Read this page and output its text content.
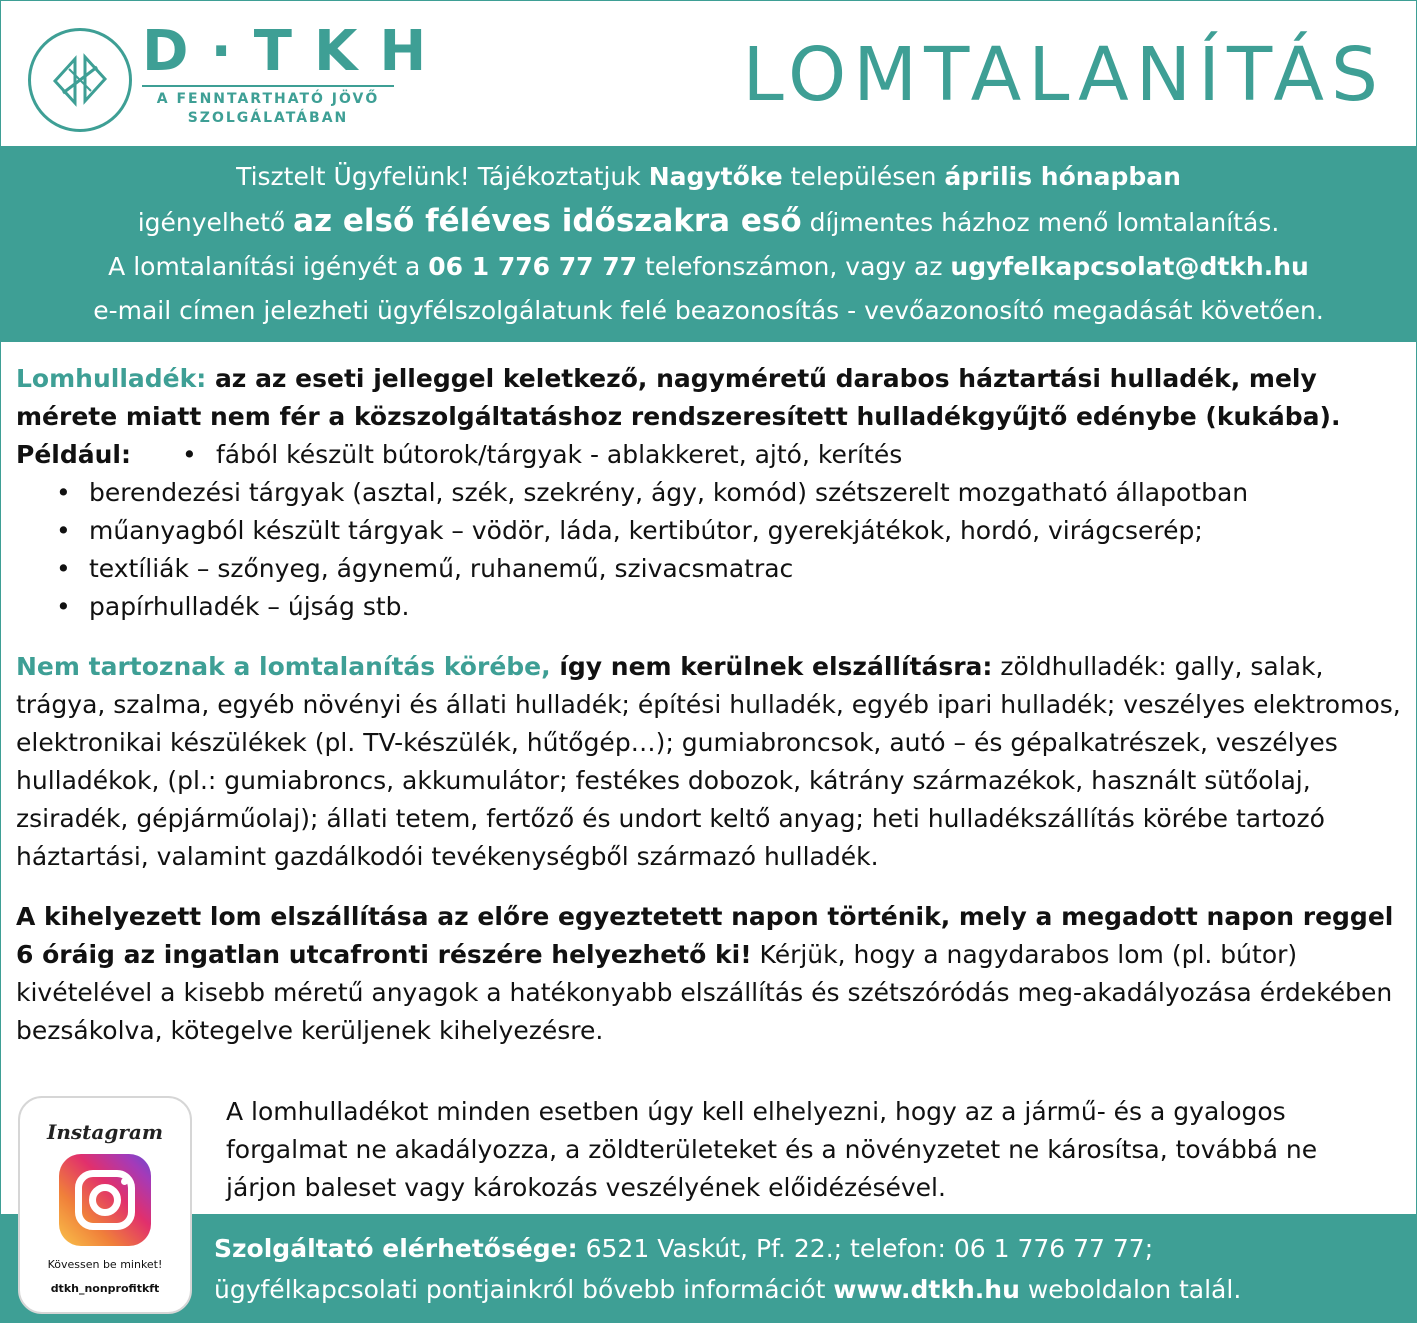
D·TKH
A FENNTARTHATÓ JÖVŐ
SZOLGÁLATÁBAN	LOMTALANÍTÁS
Tisztelt Ügyfelünk! Tájékoztatjuk Nagytőke településen április hónapban
igényelhető az első féléves időszakra eső díjmentes házhoz menő lomtalanítás.
A lomtalanítási igényét a 06 1 776 77 77 telefonszámon, vagy az ugyfelkapcsolat@dtkh.hu
e-mail címen jelezheti ügyfélszolgálatunk felé beazonosítás - vevőazonosító megadását követően.
Lomhulladék: az az eseti jelleggel keletkező, nagyméretű darabos háztartási hulladék, mely mérete miatt nem fér a közszolgáltatáshoz rendszeresített hulladékgyűjtő edénybe (kukába).
Például:
•	fából készült bútorok/tárgyak - ablakkeret, ajtó, kerítés
• berendezési tárgyak (asztal, szék, szekrény, ágy, komód) szétszerelt mozgatható állapotban
• műanyagból készült tárgyak – vödör, láda, kertibútor, gyerekjátékok, hordó, virágcserép;
• textíliák – szőnyeg, ágynemű, ruhanemű, szivacsmatrac
• papírhulladék – újság stb.
Nem tartoznak a lomtalanítás körébe, így nem kerülnek elszállításra: zöldhulladék: gally, salak, trágya, szalma, egyéb növényi és állati hulladék; építési hulladék, egyéb ipari hulladék; veszélyes elektromos, elektronikai készülékek (pl. TV-készülék, hűtőgép…); gumiabroncsok, autó – és gépalkatrészek, veszélyes hulladékok, (pl.: gumiabroncs, akkumulátor; festékes dobozok, kátrány származékok, használt sütőolaj, zsiradék, gépjárműolaj); állati tetem, fertőző és undort keltő anyag; heti hulladékszállítás körébe tartozó háztartási, valamint gazdálkodói tevékenységből származó hulladék.
A kihelyezett lom elszállítása az előre egyeztetett napon történik, mely a megadott napon reggel 6 óráig az ingatlan utcafronti részére helyezhető ki! Kérjük, hogy a nagydarabos lom (pl. bútor) kivételével a kisebb méretű anyagok a hatékonyabb elszállítás és szétszóródás meg-akadályozása érdekében bezsákolva, kötegelve kerüljenek kihelyezésre.
A lomhulladékot minden esetben úgy kell elhelyezni, hogy az a jármű- és a gyalogos forgalmat ne akadályozza, a zöldterületeket és a növényzetet ne károsítsa, továbbá ne járjon baleset vagy károkozás veszélyének előidézésével.
Szolgáltató elérhetősége: 6521 Vaskút, Pf. 22.; telefon: 06 1 776 77 77;
ügyfélkapcsolati pontjainkról bővebb információt www.dtkh.hu weboldalon talál.
Instagram
Kövessen be minket!
dtkh_nonprofitkft
